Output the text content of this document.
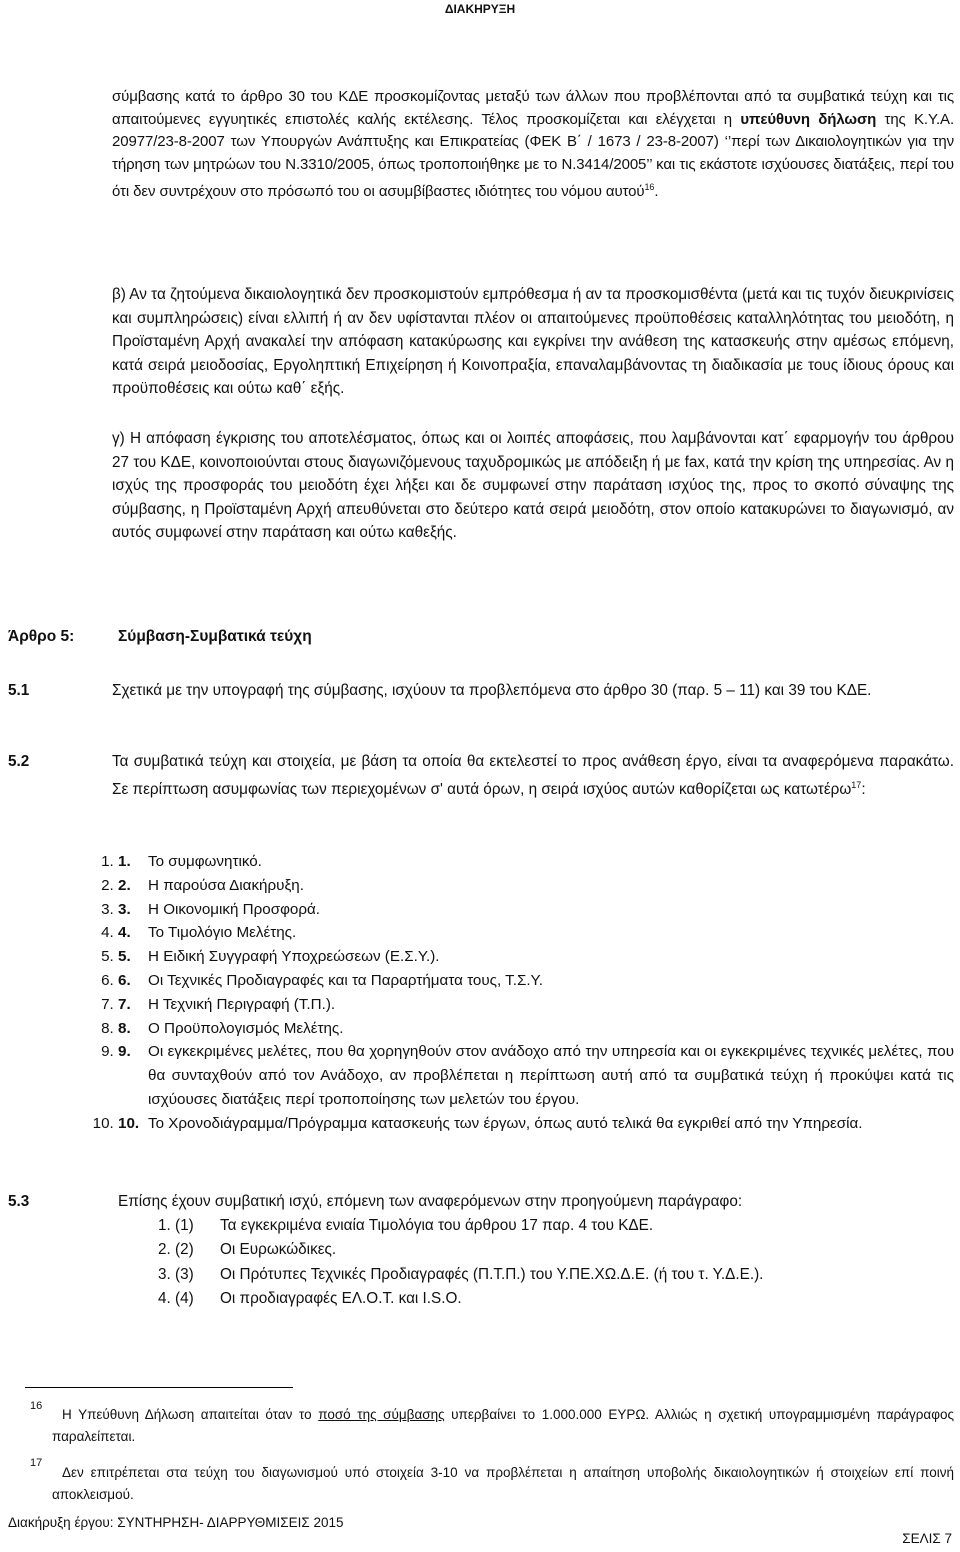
ΔΙΑΚΗΡΥΞΗ
σύμβασης κατά το άρθρο 30 του ΚΔΕ προσκομίζοντας μεταξύ των άλλων που προβλέπονται από τα συμβατικά τεύχη και τις απαιτούμενες εγγυητικές επιστολές καλής εκτέλεσης. Τέλος προσκομίζεται και ελέγχεται η υπεύθυνη δήλωση της Κ.Υ.Α. 20977/23-8-2007 των Υπουργών Ανάπτυξης και Επικρατείας (ΦΕΚ Β΄ / 1673 / 23-8-2007) ‘’περί των Δικαιολογητικών για την τήρηση των μητρώων του Ν.3310/2005, όπως τροποποιήθηκε με το Ν.3414/2005’’ και τις εκάστοτε ισχύουσες διατάξεις, περί του ότι δεν συντρέχουν στο πρόσωπό του οι ασυμβίβαστες ιδιότητες του νόμου αυτού$^{16}$.
β) Αν τα ζητούμενα δικαιολογητικά δεν προσκομιστούν εμπρόθεσμα ή αν τα προσκομισθέντα (μετά και τις τυχόν διευκρινίσεις και συμπληρώσεις) είναι ελλιπή ή αν δεν υφίστανται πλέον οι απαιτούμενες προϋποθέσεις καταλληλότητας του μειοδότη, η Προϊσταμένη Αρχή ανακαλεί την απόφαση κατακύρωσης και εγκρίνει την ανάθεση της κατασκευής στην αμέσως επόμενη, κατά σειρά μειοδοσίας, Εργοληπτική Επιχείρηση ή Κοινοπραξία, επαναλαμβάνοντας τη διαδικασία με τους ίδιους όρους και προϋποθέσεις και ούτω καθ΄ εξής.
γ) Η απόφαση έγκρισης του αποτελέσματος, όπως και οι λοιπές αποφάσεις, που λαμβάνονται κατ΄ εφαρμογήν του άρθρου 27 του ΚΔΕ, κοινοποιούνται στους διαγωνιζόμενους ταχυδρομικώς με απόδειξη ή με fax, κατά την κρίση της υπηρεσίας. Αν η ισχύς της προσφοράς του μειοδότη έχει λήξει και δε συμφωνεί στην παράταση ισχύος της, προς το σκοπό σύναψης της σύμβασης, η Προϊσταμένη Αρχή απευθύνεται στο δεύτερο κατά σειρά μειοδότη, στον οποίο κατακυρώνει το διαγωνισμό, αν αυτός συμφωνεί στην παράταση και ούτω καθεξής.
Άρθρο 5:	Σύμβαση-Συμβατικά τεύχη
5.1	Σχετικά με την υπογραφή της σύμβασης, ισχύουν τα προβλεπόμενα στο άρθρο 30 (παρ. 5 – 11) και 39 του ΚΔΕ.
5.2	Τα συμβατικά τεύχη και στοιχεία, με βάση τα οποία θα εκτελεστεί το προς ανάθεση έργο, είναι τα αναφερόμενα παρακάτω. Σε περίπτωση ασυμφωνίας των περιεχομένων σ' αυτά όρων, η σειρά ισχύος αυτών καθορίζεται ως κατωτέρω$^{17}$:
1. 1. Το συμφωνητικό.
2. 2. Η παρούσα Διακήρυξη.
3. 3. Η Οικονομική Προσφορά.
4. 4. Το Τιμολόγιο Μελέτης.
5. 5. Η Ειδική Συγγραφή Υποχρεώσεων (Ε.Σ.Υ.).
6. 6. Οι Τεχνικές Προδιαγραφές και τα Παραρτήματα τους, Τ.Σ.Υ.
7. 7. Η Τεχνική Περιγραφή (Τ.Π.).
8. 8. Ο Προϋπολογισμός Μελέτης.
9. 9. Οι εγκεκριμένες μελέτες, που θα χορηγηθούν στον ανάδοχο από την υπηρεσία και οι εγκεκριμένες τεχνικές μελέτες, που θα συνταχθούν από τον Ανάδοχο, αν προβλέπεται η περίπτωση αυτή από τα συμβατικά τεύχη ή προκύψει κατά τις ισχύουσες διατάξεις περί τροποποίησης των μελετών του έργου.
10. 10. Το Χρονοδιάγραμμα/Πρόγραμμα κατασκευής των έργων, όπως αυτό τελικά θα εγκριθεί από την Υπηρεσία.
5.3	Επίσης έχουν συμβατική ισχύ, επόμενη των αναφερόμενων στην προηγούμενη παράγραφο:
1. (1) Τα εγκεκριμένα ενιαία Τιμολόγια του άρθρου 17 παρ. 4 του ΚΔΕ.
2. (2) Οι Ευρωκώδικες.
3. (3) Οι Πρότυπες Τεχνικές Προδιαγραφές (Π.Τ.Π.) του Υ.ΠΕ.ΧΩ.Δ.Ε. (ή του τ. Υ.Δ.Ε.).
4. (4) Οι προδιαγραφές ΕΛ.Ο.Τ. και I.S.O.
16
Η Υπεύθυνη Δήλωση απαιτείται όταν το ποσό της σύμβασης υπερβαίνει το 1.000.000 ΕΥΡΩ. Αλλιώς η σχετική υπογραμμισμένη παράγραφος παραλείπεται.
17
Δεν επιτρέπεται στα τεύχη του διαγωνισμού υπό στοιχεία 3-10 να προβλέπεται η απαίτηση υποβολής δικαιολογητικών ή στοιχείων επί ποινή αποκλεισμού.
Διακήρυξη έργου: ΣΥΝΤΗΡΗΣΗ- ΔΙΑΡΡΥΘΜΙΣΕΙΣ 2015
ΣΕΛΙΣ 7
